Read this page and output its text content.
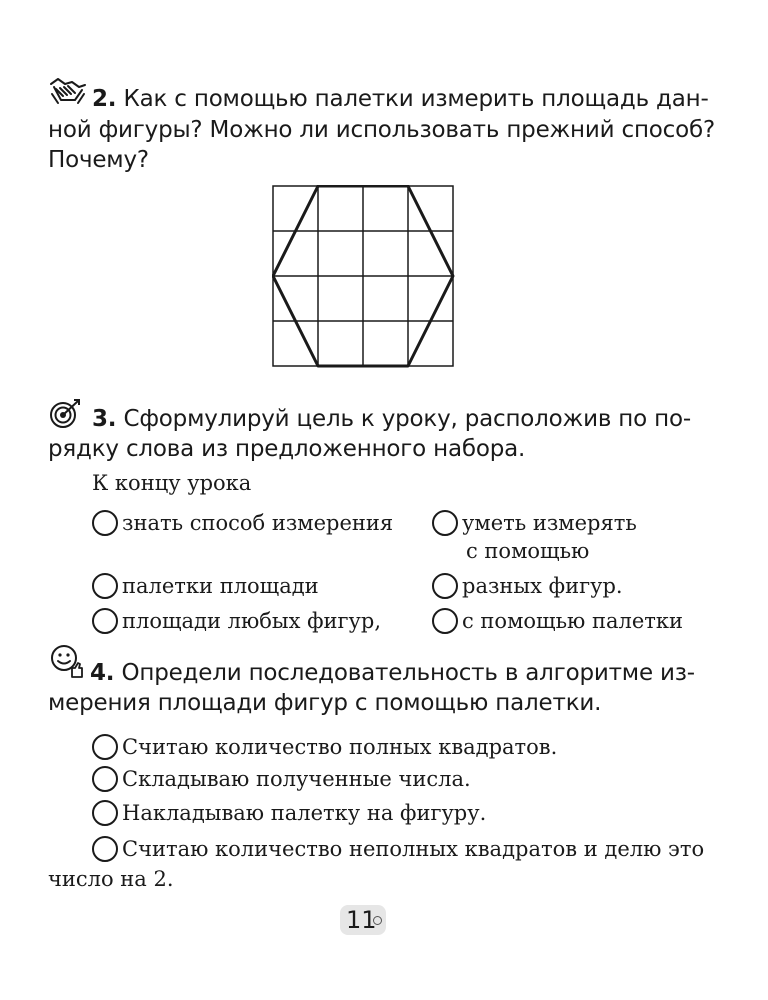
2. Как с помощью палетки измерить площадь дан-
ной фигуры? Можно ли использовать прежний способ?
Почему?
3. Сформулируй цель к уроку, расположив по по-
рядку слова из предложенного набора.
К концу урока
знать способ измерения	уметь измерять
с помощью
палетки площади	разных фигур.
площади любых фигур,	с помощью палетки
4. Определи последовательность в алгоритме из-
мерения площади фигур с помощью палетки.
Считаю количество полных квадратов.
Складываю полученные числа.
Накладываю палетку на фигуру.
Считаю количество неполных квадратов и делю это
число на 2.
11
